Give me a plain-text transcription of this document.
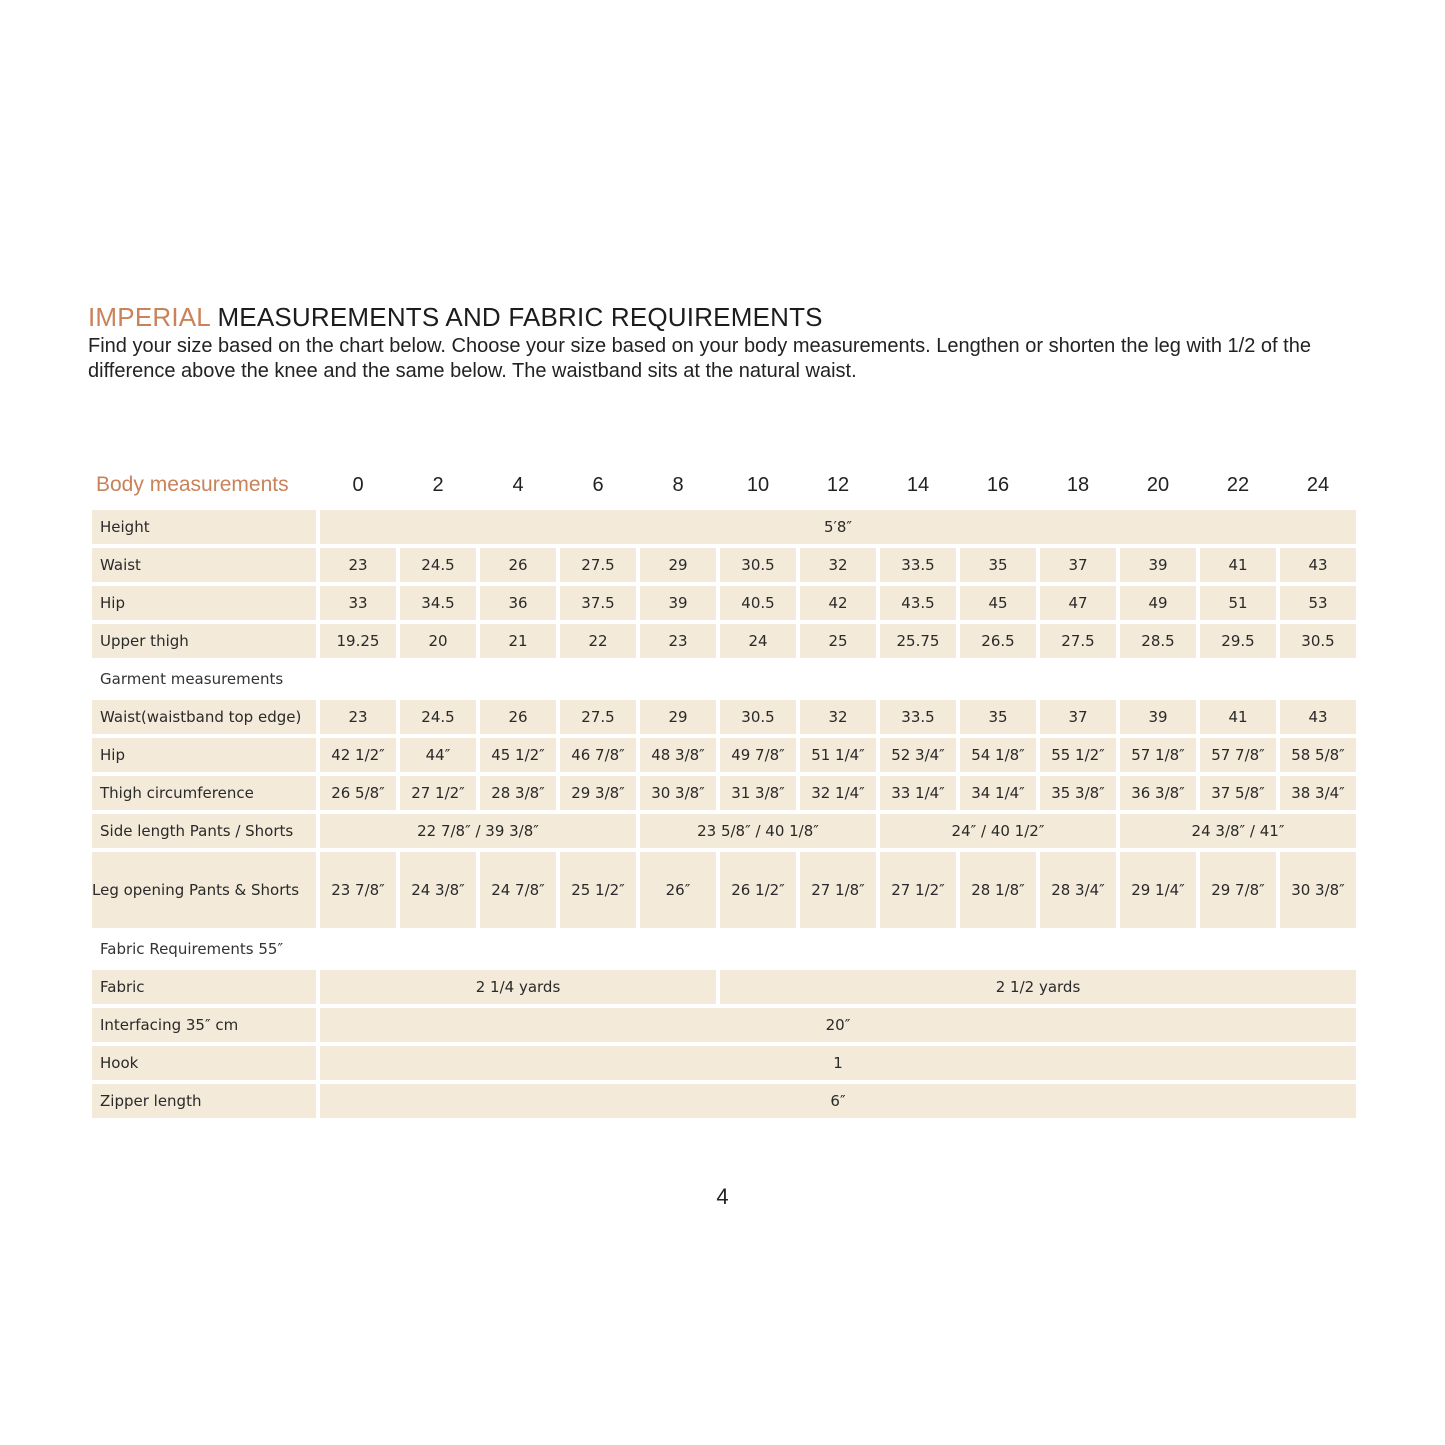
IMPERIAL MEASUREMENTS AND FABRIC REQUIREMENTS

Find your size based on the chart below. Choose your size based on your body measurements. Lengthen or shorten the leg with 1/2 of the difference above the knee and the same below. The waistband sits at the natural waist.

Body measurements	0	2	4	6	8	10	12	14	16	18	20	22	24
Height	5′8″												
Waist	23	24.5	26	27.5	29	30.5	32	33.5	35	37	39	41	43
Hip	33	34.5	36	37.5	39	40.5	42	43.5	45	47	49	51	53
Upper thigh	19.25	20	21	22	23	24	25	25.75	26.5	27.5	28.5	29.5	30.5
Garment measurements													
Waist(waistband top edge)	23	24.5	26	27.5	29	30.5	32	33.5	35	37	39	41	43
Hip	42 1/2″	44″	45 1/2″	46 7/8″	48 3/8″	49 7/8″	51 1/4″	52 3/4″	54 1/8″	55 1/2″	57 1/8″	57 7/8″	58 5/8″
Thigh circumference	26 5/8″	27 1/2″	28 3/8″	29 3/8″	30 3/8″	31 3/8″	32 1/4″	33 1/4″	34 1/4″	35 3/8″	36 3/8″	37 5/8″	38 3/4″
Side length Pants / Shorts	22 7/8″ / 39 3/8″				23 5/8″ / 40 1/8″			24″ / 40 1/2″			24 3/8″ / 41″		
Leg opening Pants & Shorts	23 7/8″	24 3/8″	24 7/8″	25 1/2″	26″	26 1/2″	27 1/8″	27 1/2″	28 1/8″	28 3/4″	29 1/4″	29 7/8″	30 3/8″
Fabric Requirements 55″													
Fabric	2 1/4 yards					2 1/2 yards							
Interfacing 35″ cm	20″												
Hook	1												
Zipper length	6″												
4
